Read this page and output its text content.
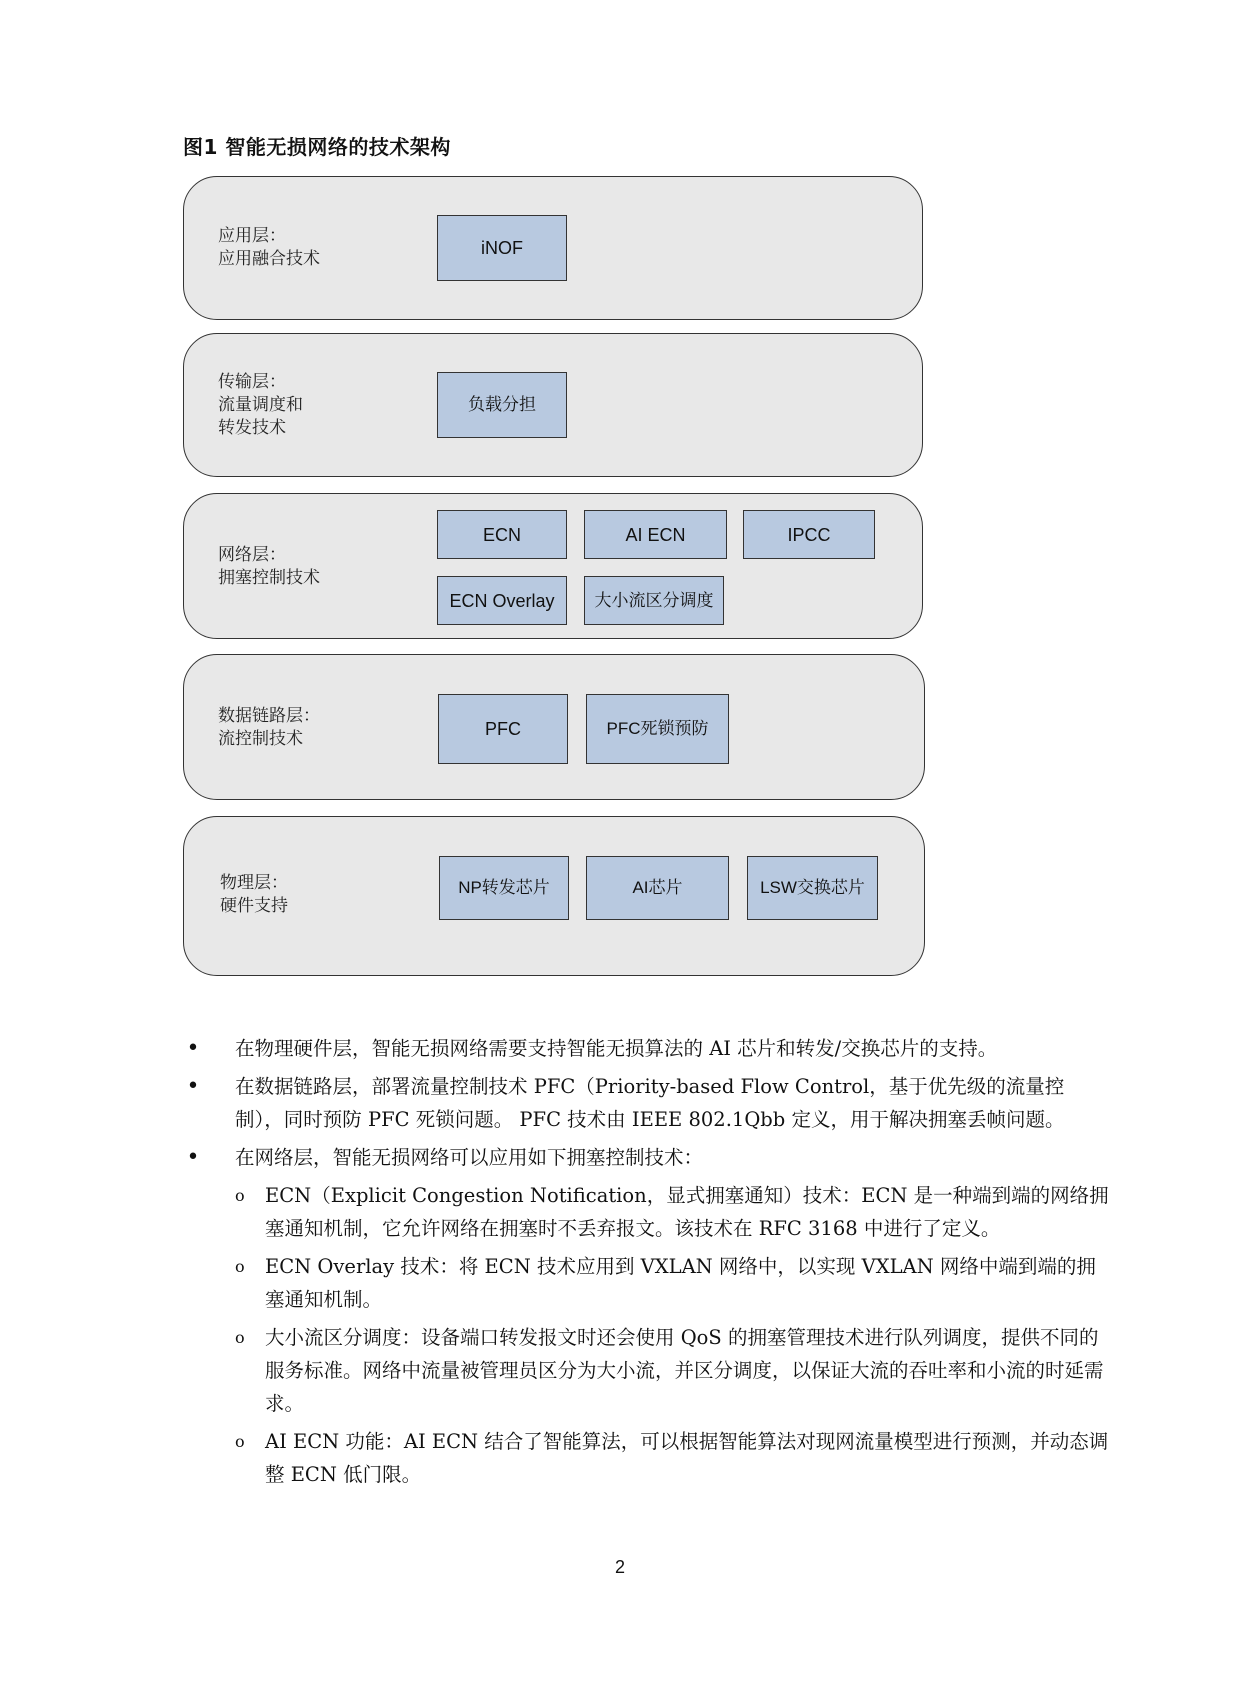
图1 智能无损网络的技术架构
应用层：
应用融合技术
iNOF
传输层：
流量调度和
转发技术
负载分担
网络层：
拥塞控制技术
ECN	AI ECN	IPCC
ECN Overlay	大小流区分调度
数据链路层：
流控制技术	PFC	PFC死锁预防
物理层：
硬件支持
NP转发芯片	AI芯片	LSW交换芯片
• 在物理硬件层，智能无损网络需要支持智能无损算法的 AI 芯片和转发/交换芯片的支持。
• 在数据链路层，部署流量控制技术 PFC（Priority-based Flow Control，基于优先级的流量控制），同时预防 PFC 死锁问题。 PFC 技术由 IEEE 802.1Qbb 定义，用于解决拥塞丢帧问题。
• 在网络层，智能无损网络可以应用如下拥塞控制技术：
o ECN（Explicit Congestion Notification，显式拥塞通知）技术：ECN 是一种端到端的网络拥塞通知机制，它允许网络在拥塞时不丢弃报文。该技术在 RFC 3168 中进行了定义。
o ECN Overlay 技术：将 ECN 技术应用到 VXLAN 网络中，以实现 VXLAN 网络中端到端的拥塞通知机制。
o 大小流区分调度：设备端口转发报文时还会使用 QoS 的拥塞管理技术进行队列调度，提供不同的服务标准。网络中流量被管理员区分为大小流，并区分调度，以保证大流的吞吐率和小流的时延需求。
o AI ECN 功能：AI ECN 结合了智能算法，可以根据智能算法对现网流量模型进行预测，并动态调整 ECN 低门限。
2
